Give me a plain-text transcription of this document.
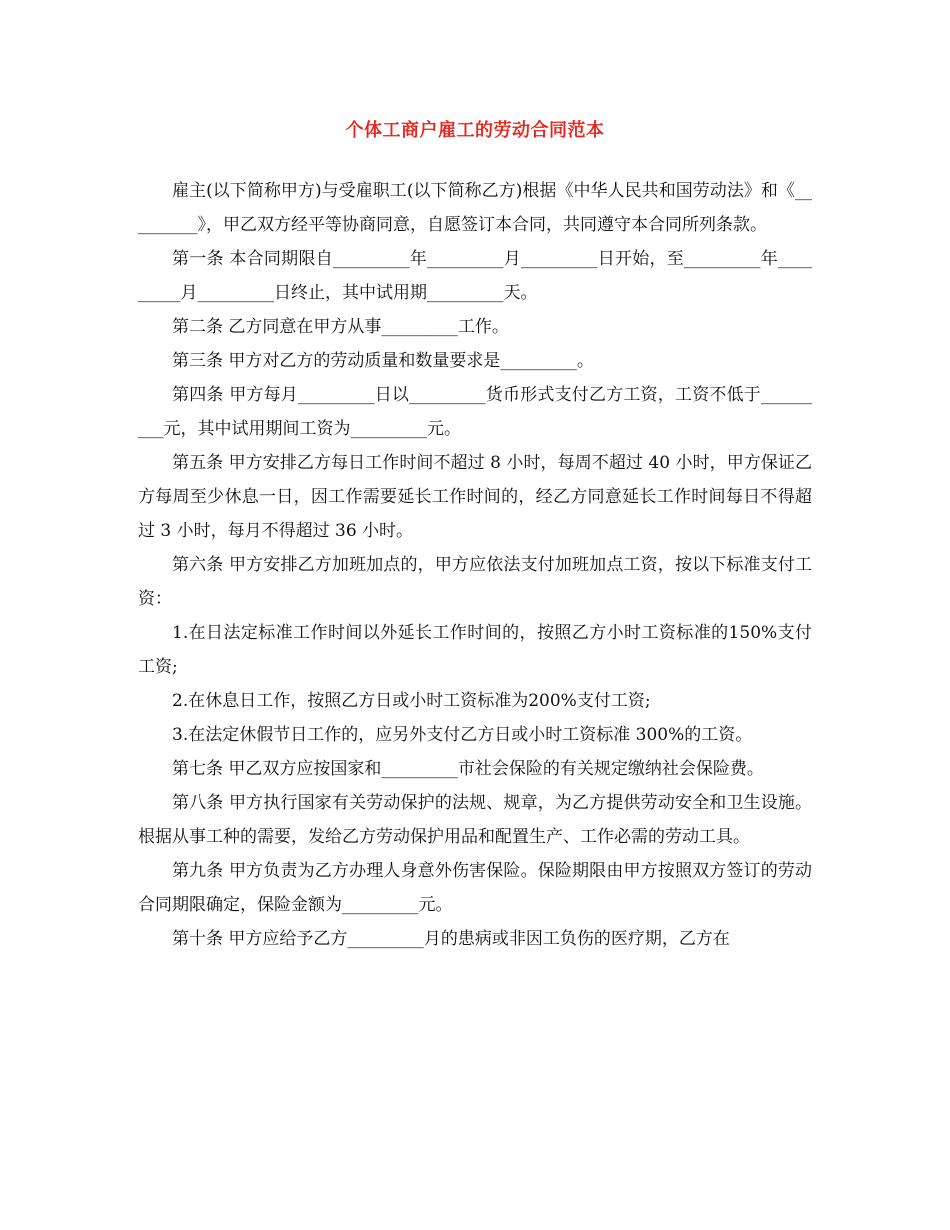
个体工商户雇工的劳动合同范本

雇主(以下简称甲方)与受雇职工(以下简称乙方)根据《中华人民共和国劳动法》和《_________》，甲乙双方经平等协商同意，自愿签订本合同，共同遵守本合同所列条款。

第一条 本合同期限自_________年_________月_________日开始，至_________年_________月_________日终止，其中试用期_________天。

第二条 乙方同意在甲方从事_________工作。

第三条 甲方对乙方的劳动质量和数量要求是_________。

第四条 甲方每月_________日以_________货币形式支付乙方工资，工资不低于_________元，其中试用期间工资为_________元。

第五条 甲方安排乙方每日工作时间不超过 8 小时，每周不超过 40 小时，甲方保证乙方每周至少休息一日，因工作需要延长工作时间的，经乙方同意延长工作时间每日不得超过 3 小时，每月不得超过 36 小时。

第六条 甲方安排乙方加班加点的，甲方应依法支付加班加点工资，按以下标准支付工资：

1.在日法定标准工作时间以外延长工作时间的，按照乙方小时工资标准的150%支付工资;

2.在休息日工作，按照乙方日或小时工资标准为200%支付工资;

3.在法定休假节日工作的，应另外支付乙方日或小时工资标准 300%的工资。

第七条 甲乙双方应按国家和_________市社会保险的有关规定缴纳社会保险费。

第八条 甲方执行国家有关劳动保护的法规、规章，为乙方提供劳动安全和卫生设施。根据从事工种的需要，发给乙方劳动保护用品和配置生产、工作必需的劳动工具。

第九条 甲方负责为乙方办理人身意外伤害保险。保险期限由甲方按照双方签订的劳动合同期限确定，保险金额为_________元。

第十条 甲方应给予乙方_________月的患病或非因工负伤的医疗期，乙方在
